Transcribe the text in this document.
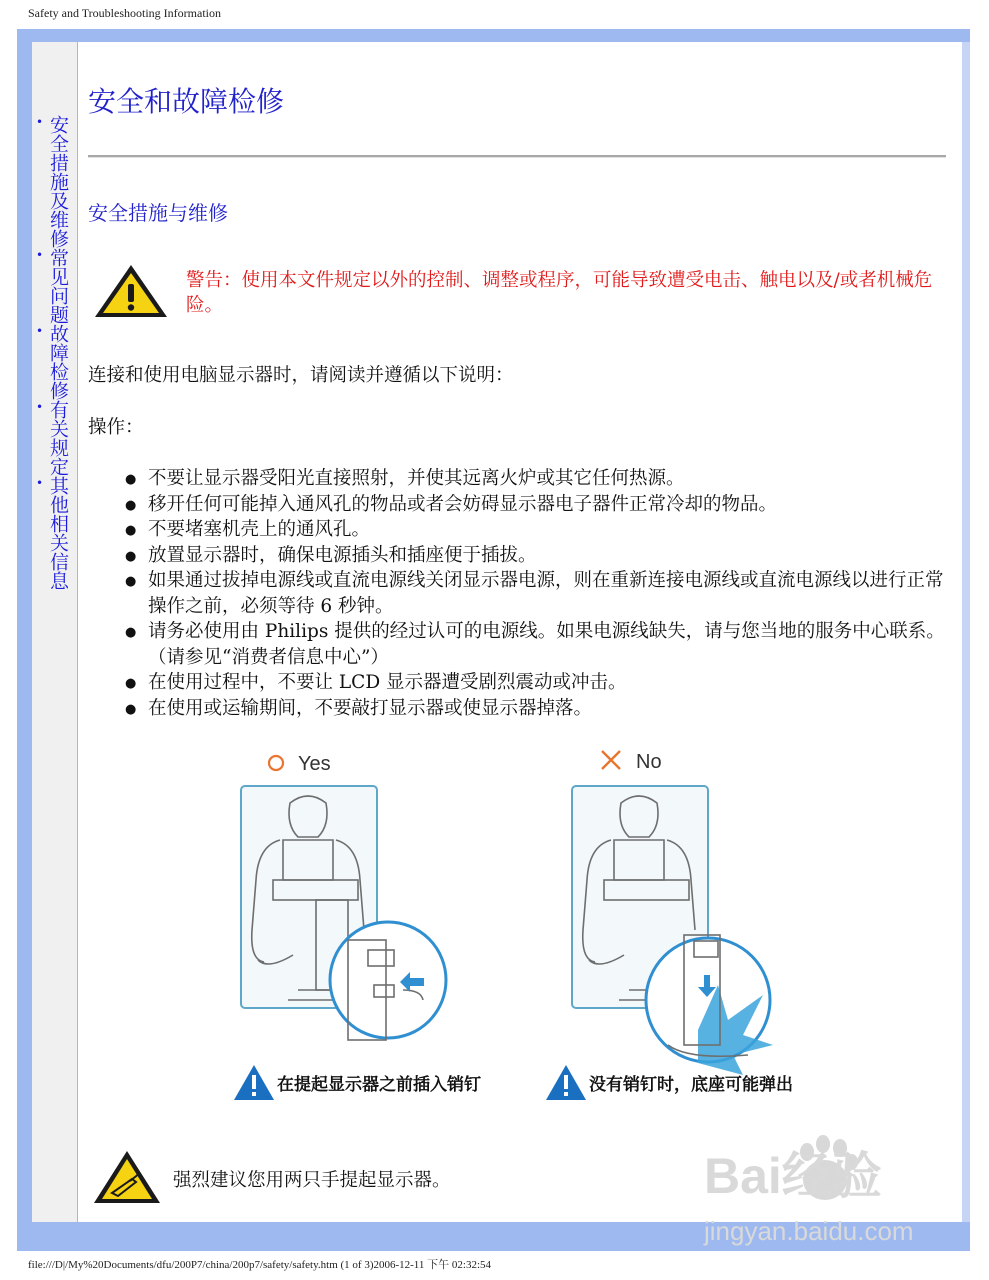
Safety and Troubleshooting Information
• 安全措施及维修
• 常见问题
• 故障检修
• 有关规定
• 其他相关信息
安全和故障检修
安全措施与维修
警告：使用本文件规定以外的控制、调整或程序，可能导致遭受电击、触电以及/或者机械危险。
连接和使用电脑显示器时，请阅读并遵循以下说明：
操作：
● 不要让显示器受阳光直接照射，并使其远离火炉或其它任何热源。
● 移开任何可能掉入通风孔的物品或者会妨碍显示器电子器件正常冷却的物品。
● 不要堵塞机壳上的通风孔。
● 放置显示器时，确保电源插头和插座便于插拔。
● 如果通过拔掉电源线或直流电源线关闭显示器电源，则在重新连接电源线或直流电源线以进行正常操作之前，必须等待 6 秒钟。
● 请务必使用由 Philips 提供的经过认可的电源线。如果电源线缺失，请与您当地的服务中心联系。（请参见“消费者信息中心”）
● 在使用过程中，不要让 LCD 显示器遭受剧烈震动或冲击。
● 在使用或运输期间，不要敲打显示器或使显示器掉落。
Yes
在提起显示器之前插入销钉
No
没有销钉时，底座可能弹出
强烈建议您用两只手提起显示器。	Bai经验
jingyan.baidu.com
file:///D|/My%20Documents/dfu/200P7/china/200p7/safety/safety.htm (1 of 3)2006-12-11 下午 02:32:54
